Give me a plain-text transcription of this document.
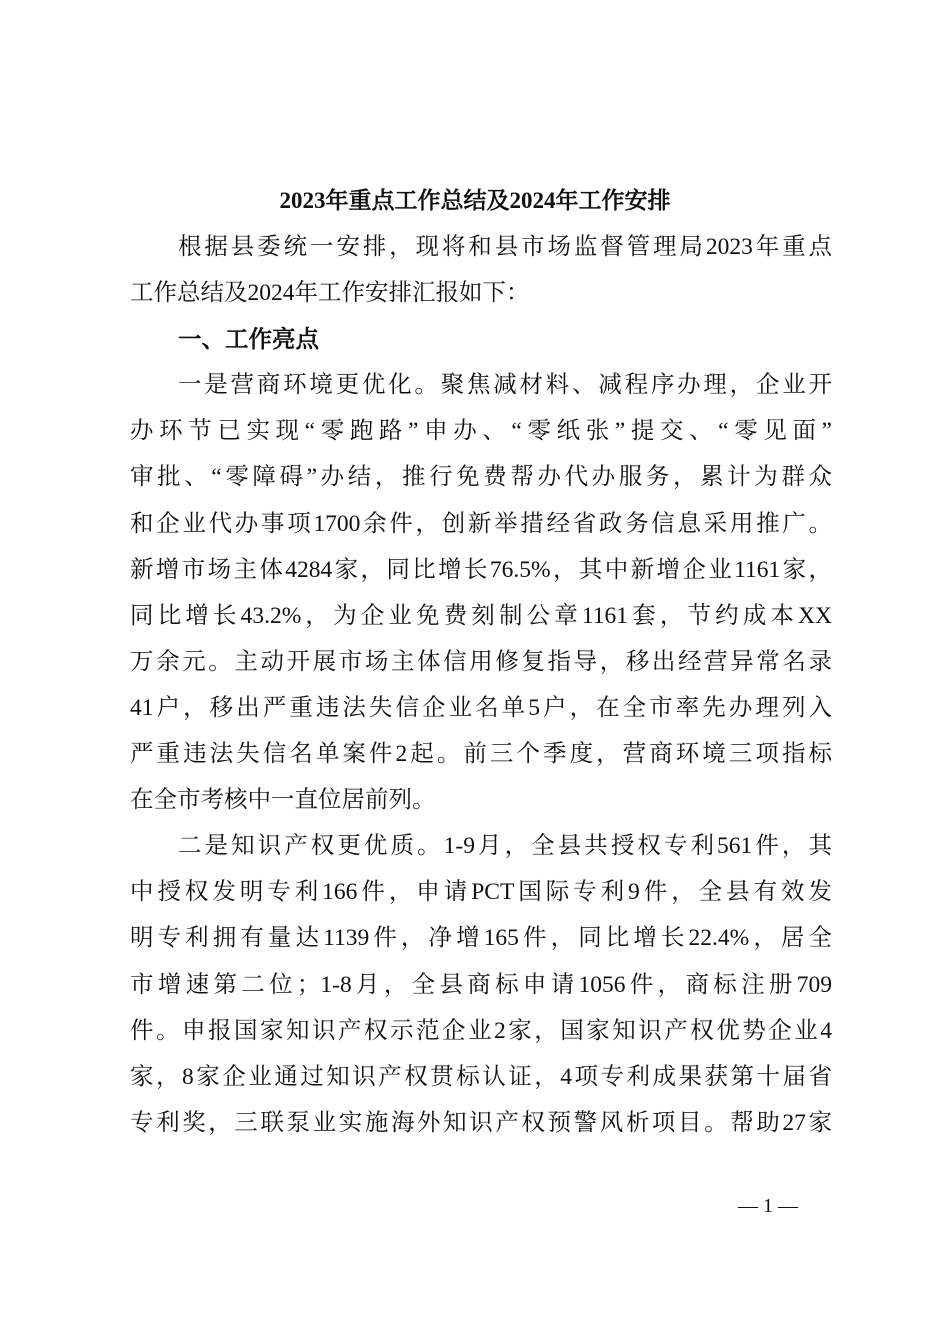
2023年重点工作总结及2024年工作安排
根据县委统一安排，现将和县市场监督管理局2023年重点
工作总结及2024年工作安排汇报如下：
一、工作亮点
一是营商环境更优化。聚焦减材料、减程序办理，企业开
办环节已实现“零跑路”申办、“零纸张”提交、“零见面”
审批、“零障碍”办结，推行免费帮办代办服务，累计为群众
和企业代办事项1700余件，创新举措经省政务信息采用推广。
新增市场主体4284家，同比增长76.5%，其中新增企业1161家，
同比增长43.2%，为企业免费刻制公章1161套，节约成本XX
万余元。主动开展市场主体信用修复指导，移出经营异常名录
41户，移出严重违法失信企业名单5户，在全市率先办理列入
严重违法失信名单案件2起。前三个季度，营商环境三项指标
在全市考核中一直位居前列。
二是知识产权更优质。1-9月，全县共授权专利561件，其
中授权发明专利166件，申请PCT国际专利9件，全县有效发
明专利拥有量达1139件，净增165件，同比增长22.4%，居全
市增速第二位；1-8月，全县商标申请1056件，商标注册709
件。申报国家知识产权示范企业2家，国家知识产权优势企业4
家，8家企业通过知识产权贯标认证，4项专利成果获第十届省
专利奖，三联泵业实施海外知识产权预警风析项目。帮助27家
— 1 —
